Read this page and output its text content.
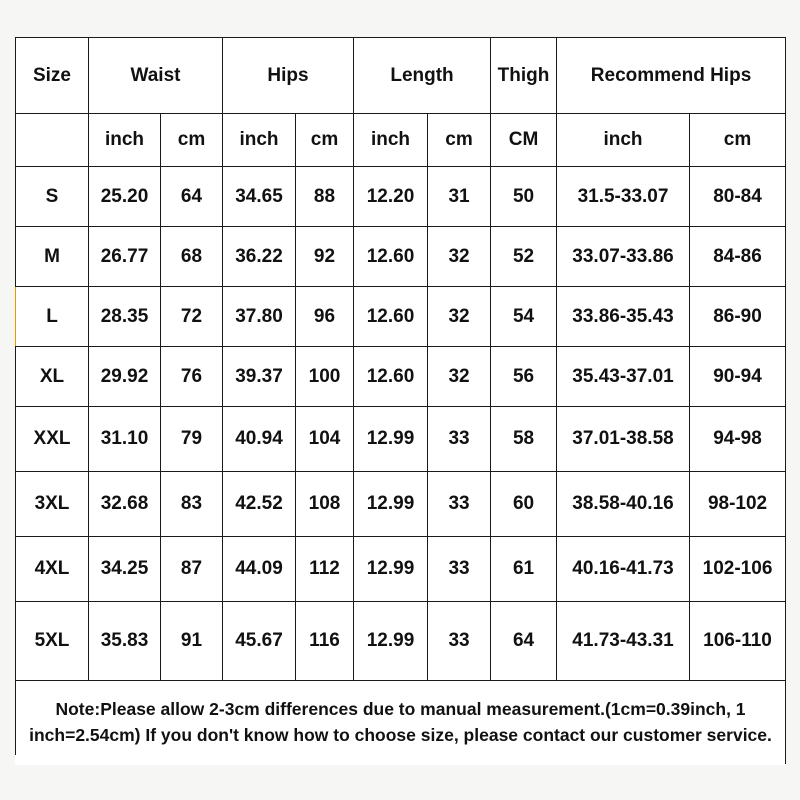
Size	Waist		Hips		Length		Thigh	Recommend Hips	
	inch	cm	inch	cm	inch	cm	CM	inch	cm
S	25.20	64	34.65	88	12.20	31	50	31.5-33.07	80-84
M	26.77	68	36.22	92	12.60	32	52	33.07-33.86	84-86
L	28.35	72	37.80	96	12.60	32	54	33.86-35.43	86-90
XL	29.92	76	39.37	100	12.60	32	56	35.43-37.01	90-94
XXL	31.10	79	40.94	104	12.99	33	58	37.01-38.58	94-98
3XL	32.68	83	42.52	108	12.99	33	60	38.58-40.16	98-102
4XL	34.25	87	44.09	112	12.99	33	61	40.16-41.73	102-106
5XL	35.83	91	45.67	116	12.99	33	64	41.73-43.31	106-110
Note:Please allow 2-3cm differences due to manual measurement.(1cm=0.39inch, 1 inch=2.54cm) If you don't know how to choose size, please contact our customer service.									
